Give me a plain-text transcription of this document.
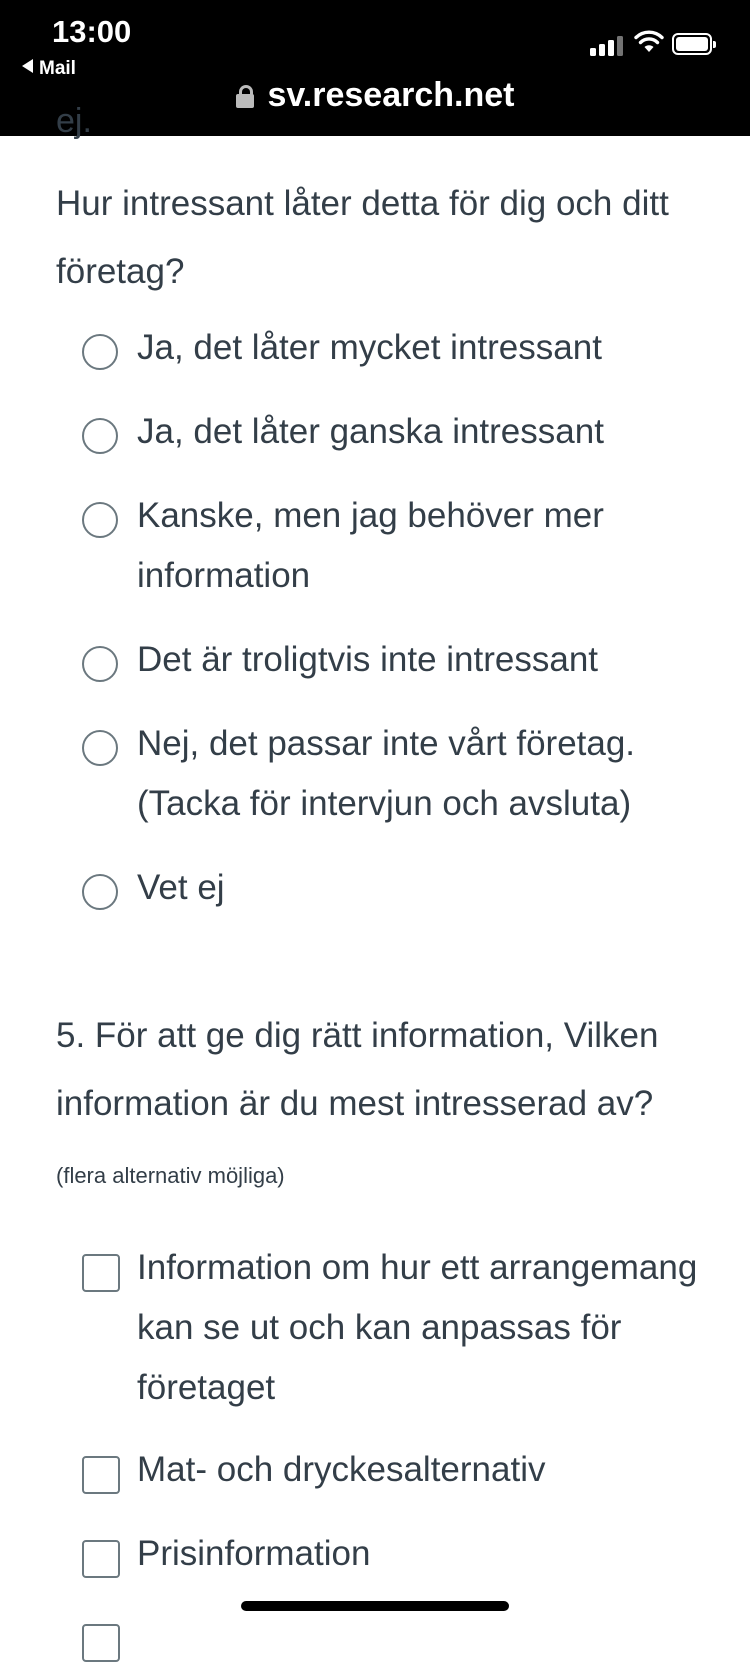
13:00
Mail
sv.research.net
ej.
Hur intressant låter detta för dig och ditt företag?
Ja, det låter mycket intressant
Ja, det låter ganska intressant
Kanske, men jag behöver mer information
Det är troligtvis inte intressant
Nej, det passar inte vårt företag. (Tacka för intervjun och avsluta)
Vet ej
5. För att ge dig rätt information, Vilken information är du mest intresserad av? (flera alternativ möjliga)
Information om hur ett arrangemang kan se ut och kan anpassas för företaget
Mat- och dryckesalternativ
Prisinformation
